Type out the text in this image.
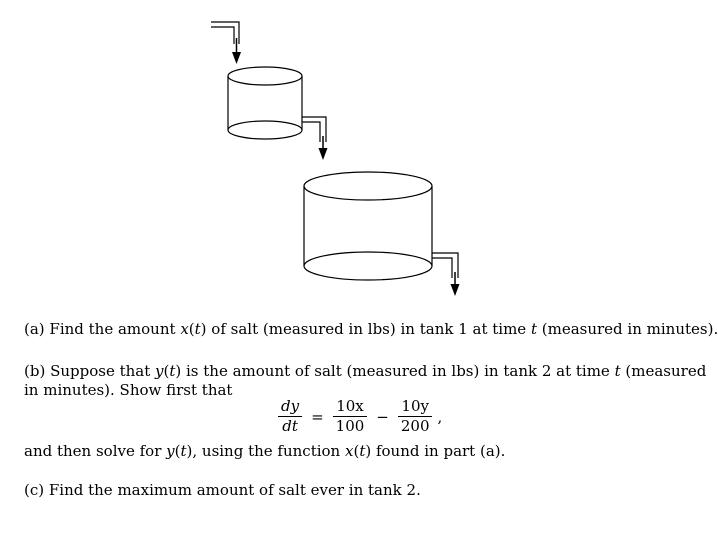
(a) Find the amount x(t) of salt (measured in lbs) in tank 1 at time t (measured in minutes).
(b) Suppose that y(t) is the amount of salt (measured in lbs) in tank 2 at time t (measured
in minutes). Show first that
$\frac{dy}{dt} = \frac{10x}{100} - \frac{10y}{200}$ ,
and then solve for y(t), using the function x(t) found in part (a).
(c) Find the maximum amount of salt ever in tank 2.
